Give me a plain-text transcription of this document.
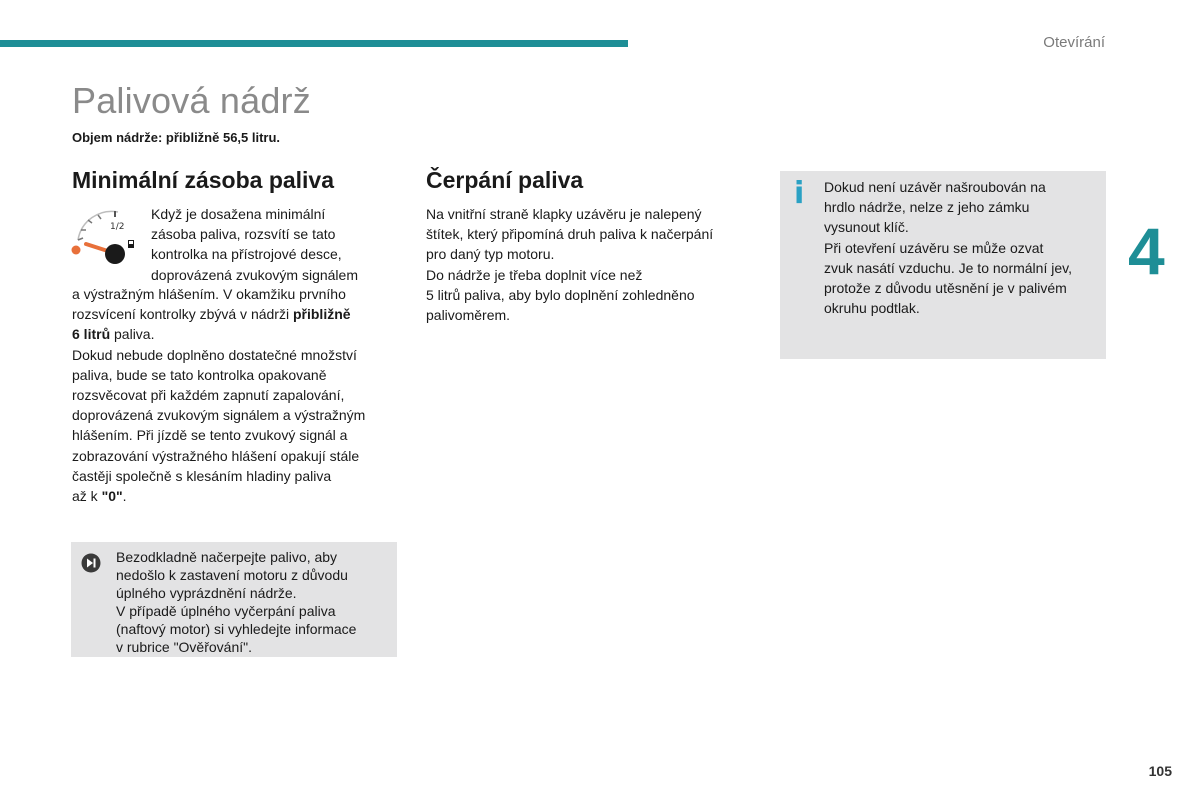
Otevírání
Palivová nádrž
Objem nádrže: přibližně 56,5 litru.
4
Minimální zásoba paliva
1/2

Když je dosažena minimální

zásoba paliva, rozsvítí se tato

kontrolka na přístrojové desce,

doprovázená zvukovým signálem

a výstražným hlášením. V okamžiku prvního

rozsvícení kontrolky zbývá v nádrži přibližně

6 litrů paliva.

Dokud nebude doplněno dostatečné množství

paliva, bude se tato kontrolka opakovaně

rozsvěcovat při každém zapnutí zapalování,

doprovázená zvukovým signálem a výstražným

hlášením. Při jízdě se tento zvukový signál a

zobrazování výstražného hlášení opakují stále

častěji společně s klesáním hladiny paliva

až k "0".

Bezodkladně načerpejte palivo, aby

nedošlo k zastavení motoru z důvodu

úplného vyprázdnění nádrže.

V případě úplného vyčerpání paliva

(naftový motor) si vyhledejte informace

v rubrice "Ověřování".

Čerpání paliva

Na vnitřní straně klapky uzávěru je nalepený

štítek, který připomíná druh paliva k načerpání

pro daný typ motoru.

Do nádrže je třeba doplnit více než

5 litrů paliva, aby bylo doplnění zohledněno

palivoměrem.

i Dokud není uzávěr našroubován na

hrdlo nádrže, nelze z jeho zámku

vysunout klíč.

Při otevření uzávěru se může ozvat

zvuk nasátí vzduchu. Je to normální jev,

protože z důvodu utěsnění je v palivém

okruhu podtlak.

105
